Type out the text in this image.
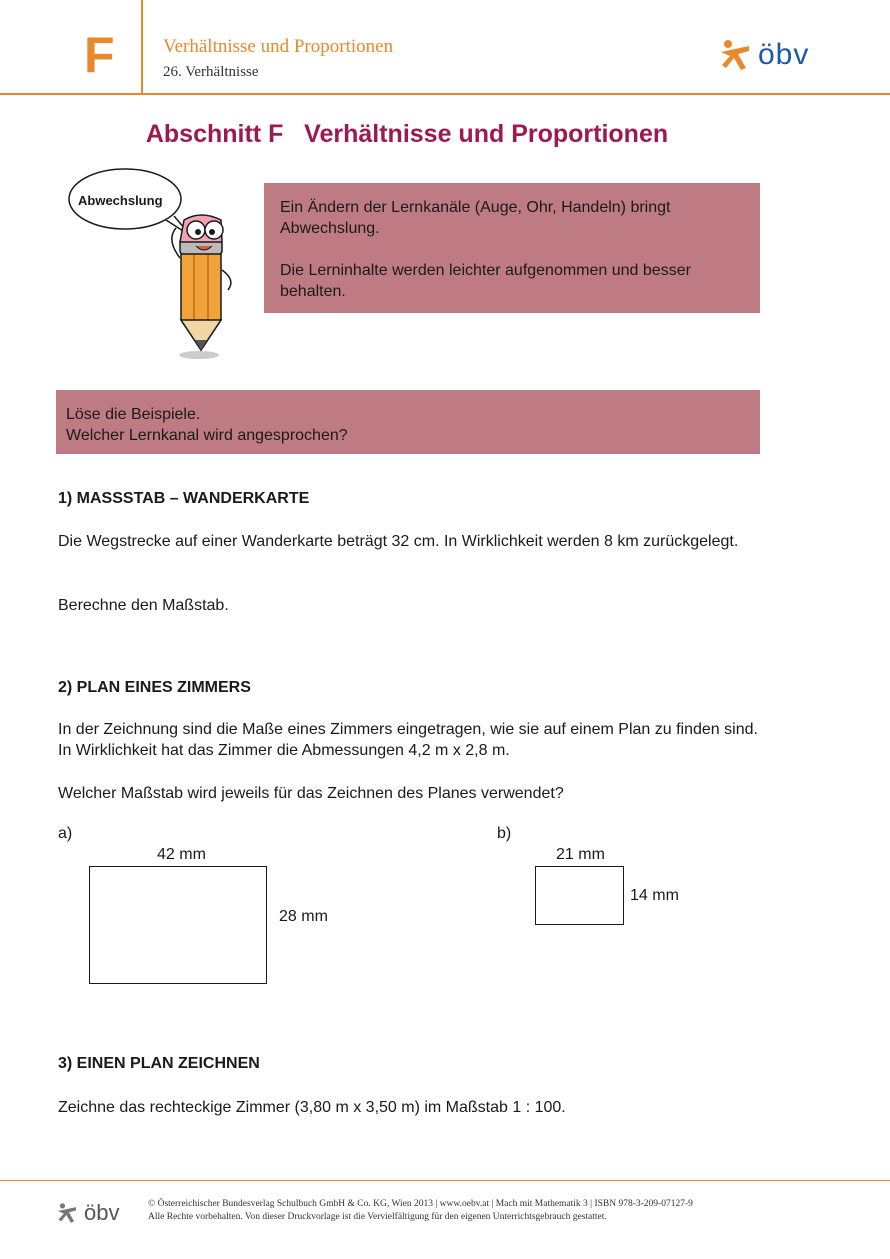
F	Verhältnisse und Proportionen
26. Verhältnisse
öbv
Abschnitt F   Verhältnisse und Proportionen
Abwechslung	Ein Ändern der Lernkanäle (Auge, Ohr, Handeln) bringt Abwechslung.

Die Lerninhalte werden leichter aufgenommen und besser behalten.

Löse die Beispiele.
Welcher Lernkanal wird angesprochen?
1) MASSSTAB – WANDERKARTE
Die Wegstrecke auf einer Wanderkarte beträgt 32 cm. In Wirklichkeit werden 8 km zurückgelegt.
Berechne den Maßstab.
2) PLAN EINES ZIMMERS
In der Zeichnung sind die Maße eines Zimmers eingetragen, wie sie auf einem Plan zu finden sind. In Wirklichkeit hat das Zimmer die Abmessungen 4,2 m x 2,8 m.
Welcher Maßstab wird jeweils für das Zeichnen des Planes verwendet?
a)
42 mm
28 mm
b)
21 mm
14 mm
3) EINEN PLAN ZEICHNEN
Zeichne das rechteckige Zimmer (3,80 m x 3,50 m) im Maßstab 1 : 100.
öbv	© Österreichischer Bundesverlag Schulbuch GmbH & Co. KG, Wien 2013 | www.oebv.at | Mach mit Mathematik 3 | ISBN 978-3-209-07127-9
Alle Rechte vorbehalten. Von dieser Druckvorlage ist die Vervielfältigung für den eigenen Unterrichtsgebrauch gestattet.
